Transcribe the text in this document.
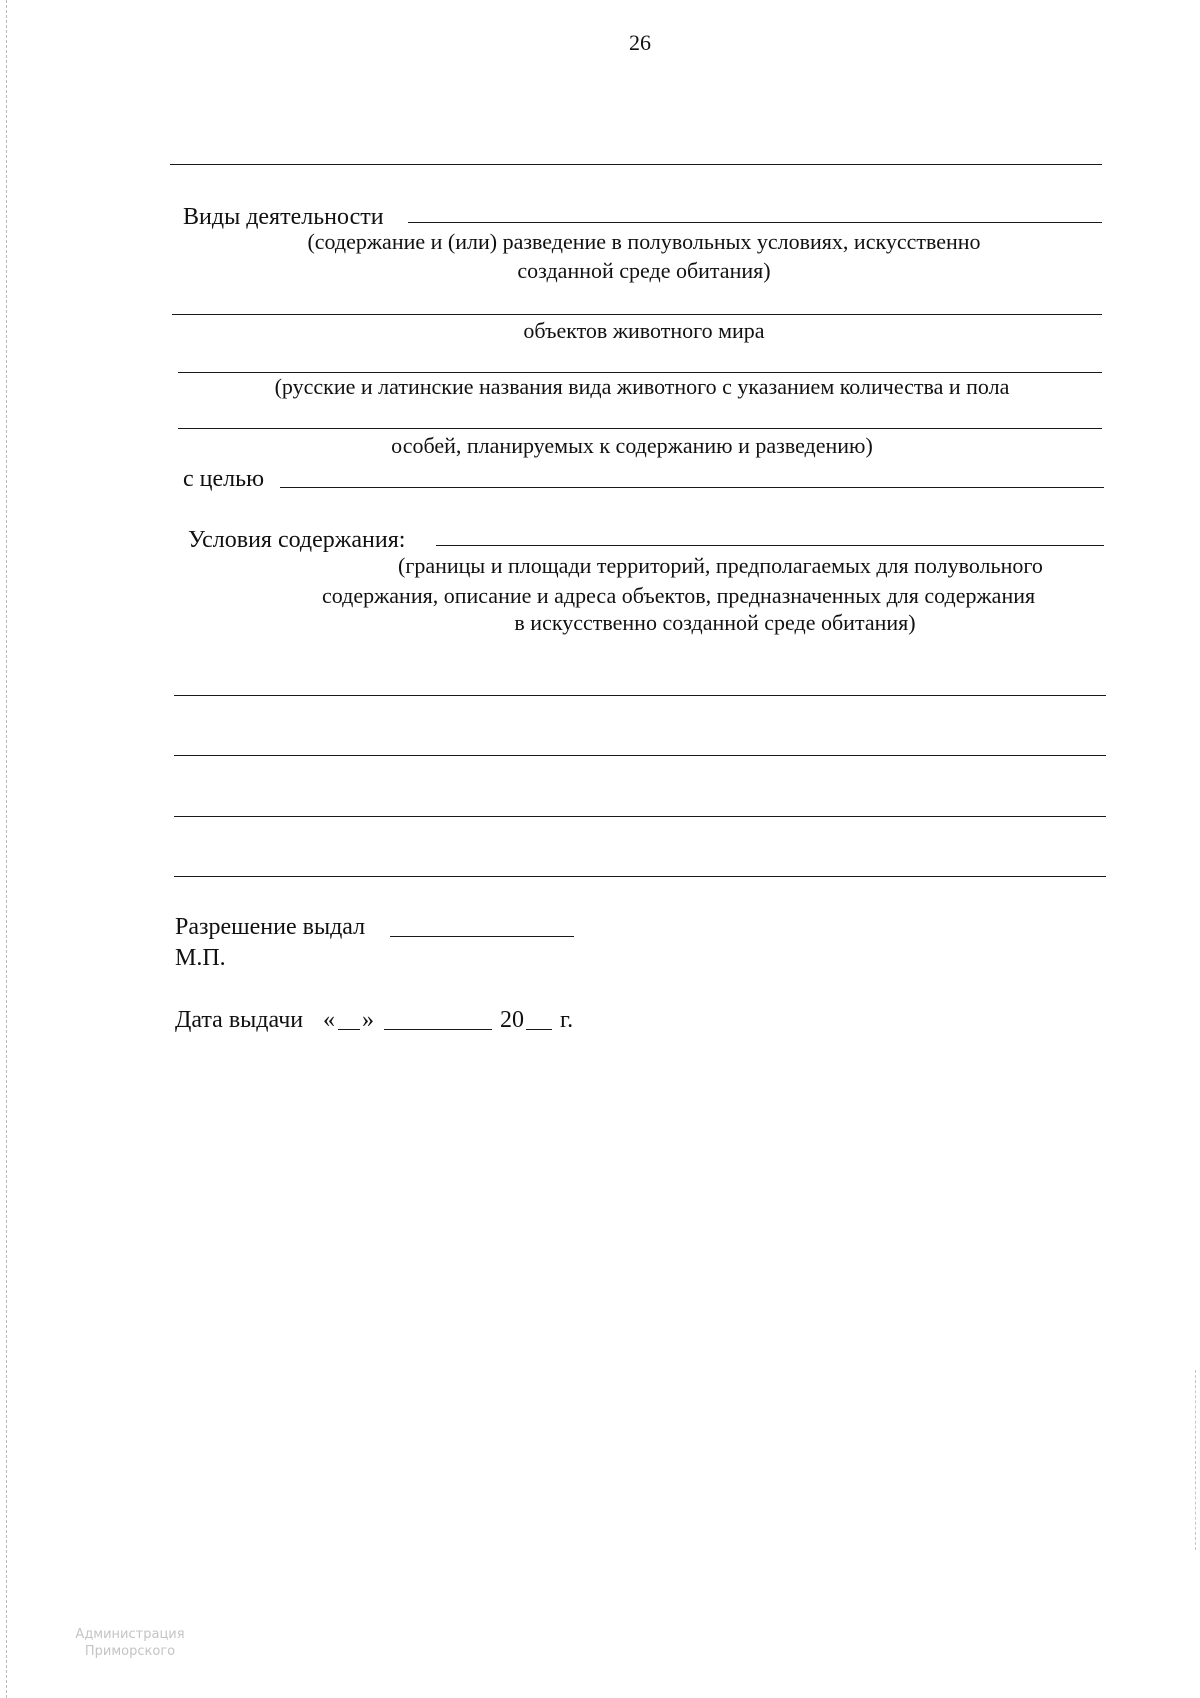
26
Виды деятельности
(содержание и (или) разведение в полувольных условиях, искусственно
созданной среде обитания)
объектов животного мира
(русские и латинские названия вида животного с указанием количества и пола
особей, планируемых к содержанию и разведению)
с целью
Условия содержания:
(границы и площади территорий, предполагаемых для полувольного
содержания, описание и адреса объектов, предназначенных для содержания
в искусственно созданной среде обитания)
Разрешение выдал
М.П.
Дата выдачи « »	20 г.
Администрация Приморского
